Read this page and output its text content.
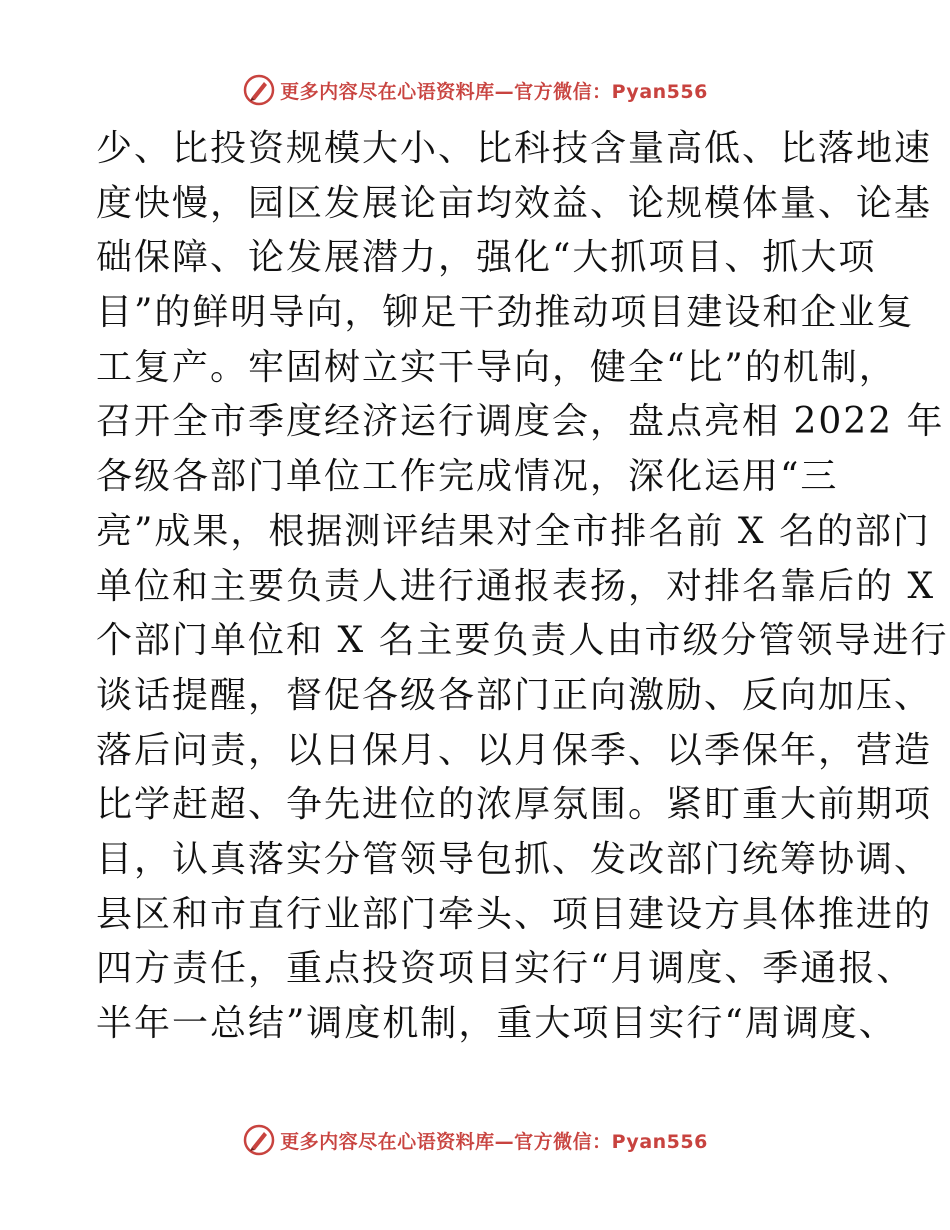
更多内容尽在心语资料库—官方微信：Pyan556
少、比投资规模大小、比科技含量高低、比落地速
度快慢，园区发展论亩均效益、论规模体量、论基
础保障、论发展潜力，强化“大抓项目、抓大项
目”的鲜明导向，铆足干劲推动项目建设和企业复
工复产。牢固树立实干导向，健全“比”的机制，
召开全市季度经济运行调度会，盘点亮相 2022 年
各级各部门单位工作完成情况，深化运用“三
亮”成果，根据测评结果对全市排名前 X 名的部门
单位和主要负责人进行通报表扬，对排名靠后的 X
个部门单位和 X 名主要负责人由市级分管领导进行
谈话提醒，督促各级各部门正向激励、反向加压、
落后问责，以日保月、以月保季、以季保年，营造
比学赶超、争先进位的浓厚氛围。紧盯重大前期项
目，认真落实分管领导包抓、发改部门统筹协调、
县区和市直行业部门牵头、项目建设方具体推进的
四方责任，重点投资项目实行“月调度、季通报、
半年一总结”调度机制，重大项目实行“周调度、
更多内容尽在心语资料库—官方微信：Pyan556
